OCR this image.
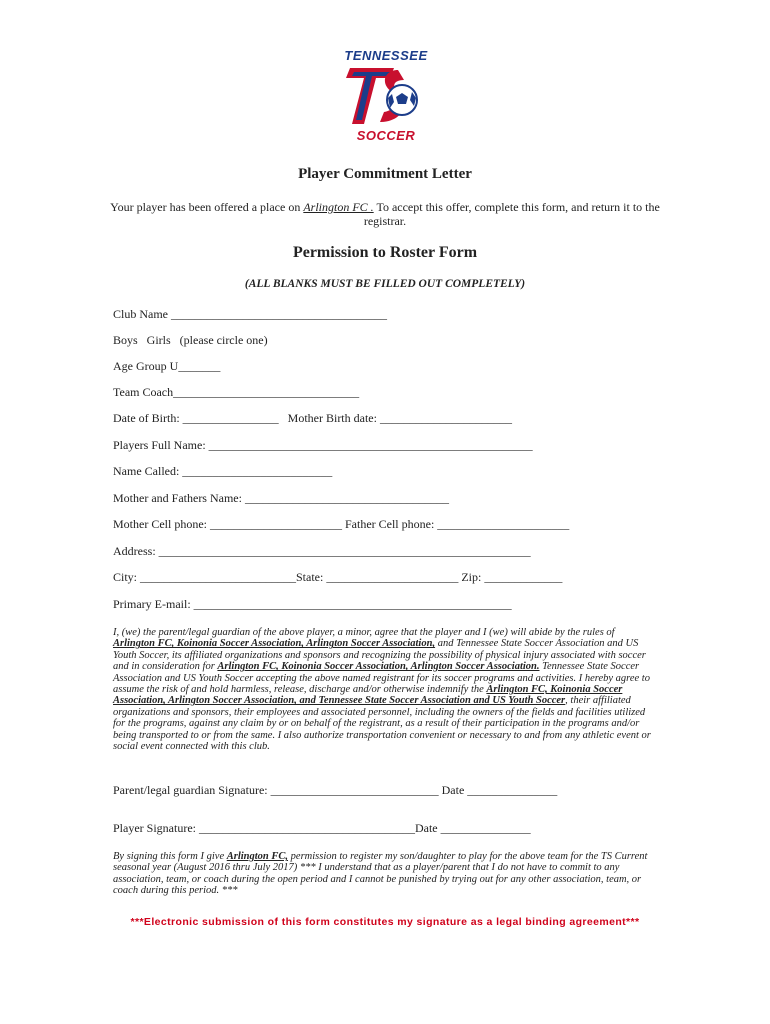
TENNESSEE
SOCCER
Player Commitment Letter
Your player has been offered a place on Arlington FC . To accept this offer, complete this form, and return it to the registrar.
Permission to Roster Form
(ALL BLANKS MUST BE FILLED OUT COMPLETELY)
Club Name ____________________________________
Boys   Girls   (please circle one)
Age Group U_______
Team Coach_______________________________
Date of Birth: ________________   Mother Birth date: ______________________
Players Full Name: ______________________________________________________
Name Called: _________________________
Mother and Fathers Name: __________________________________
Mother Cell phone: ______________________ Father Cell phone: ______________________
Address: ______________________________________________________________
City: __________________________State: ______________________ Zip: _____________
Primary E-mail: _____________________________________________________
I, (we) the parent/legal guardian of the above player, a minor, agree that the player and I (we) will abide by the rules of Arlington FC, Koinonia Soccer Association, Arlington Soccer Association, and Tennessee State Soccer Association and US Youth Soccer, its affiliated organizations and sponsors and recognizing the possibility of physical injury associated with soccer and in consideration for Arlington FC, Koinonia Soccer Association, Arlington Soccer Association. Tennessee State Soccer Association and US Youth Soccer accepting the above named registrant for its soccer programs and activities. I hereby agree to assume the risk of and hold harmless, release, discharge and/or otherwise indemnify the Arlington FC, Koinonia Soccer Association, Arlington Soccer Association, and Tennessee State Soccer Association and US Youth Soccer, their affiliated organizations and sponsors, their employees and associated personnel, including the owners of the fields and facilities utilized for the programs, against any claim by or on behalf of the registrant, as a result of their participation in the programs and/or being transported to or from the same. I also authorize transportation convenient or necessary to and from any athletic event or social event connected with this club.
Parent/legal guardian Signature: ____________________________ Date _______________
Player Signature: ____________________________________Date _______________
By signing this form I give Arlington FC, permission to register my son/daughter to play for the above team for the TS Current seasonal year (August 2016 thru July 2017) *** I understand that as a player/parent that I do not have to commit to any association, team, or coach during the open period and I cannot be punished by trying out for any other association, team, or coach during this period. ***
***Electronic submission of this form constitutes my signature as a legal binding agreement***
